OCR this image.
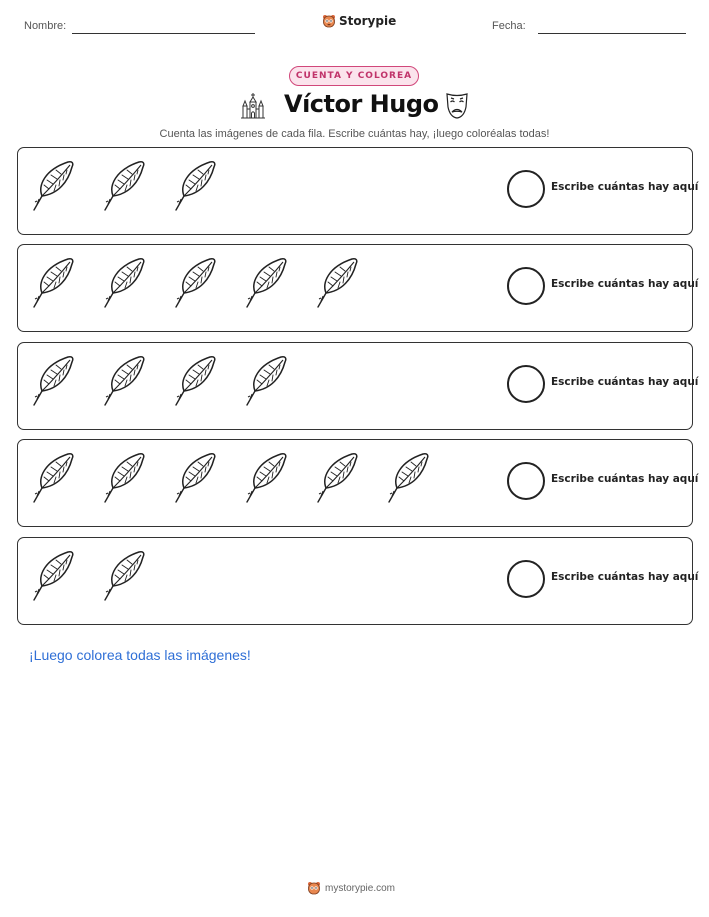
Nombre:	Storypie	Fecha:
CUENTA Y COLOREA
Víctor Hugo
Cuenta las imágenes de cada fila. Escribe cuántas hay, ¡luego coloréalas todas!
Escribe cuántas hay aquí
Escribe cuántas hay aquí
Escribe cuántas hay aquí
Escribe cuántas hay aquí
Escribe cuántas hay aquí
¡Luego colorea todas las imágenes!
mystorypie.com
